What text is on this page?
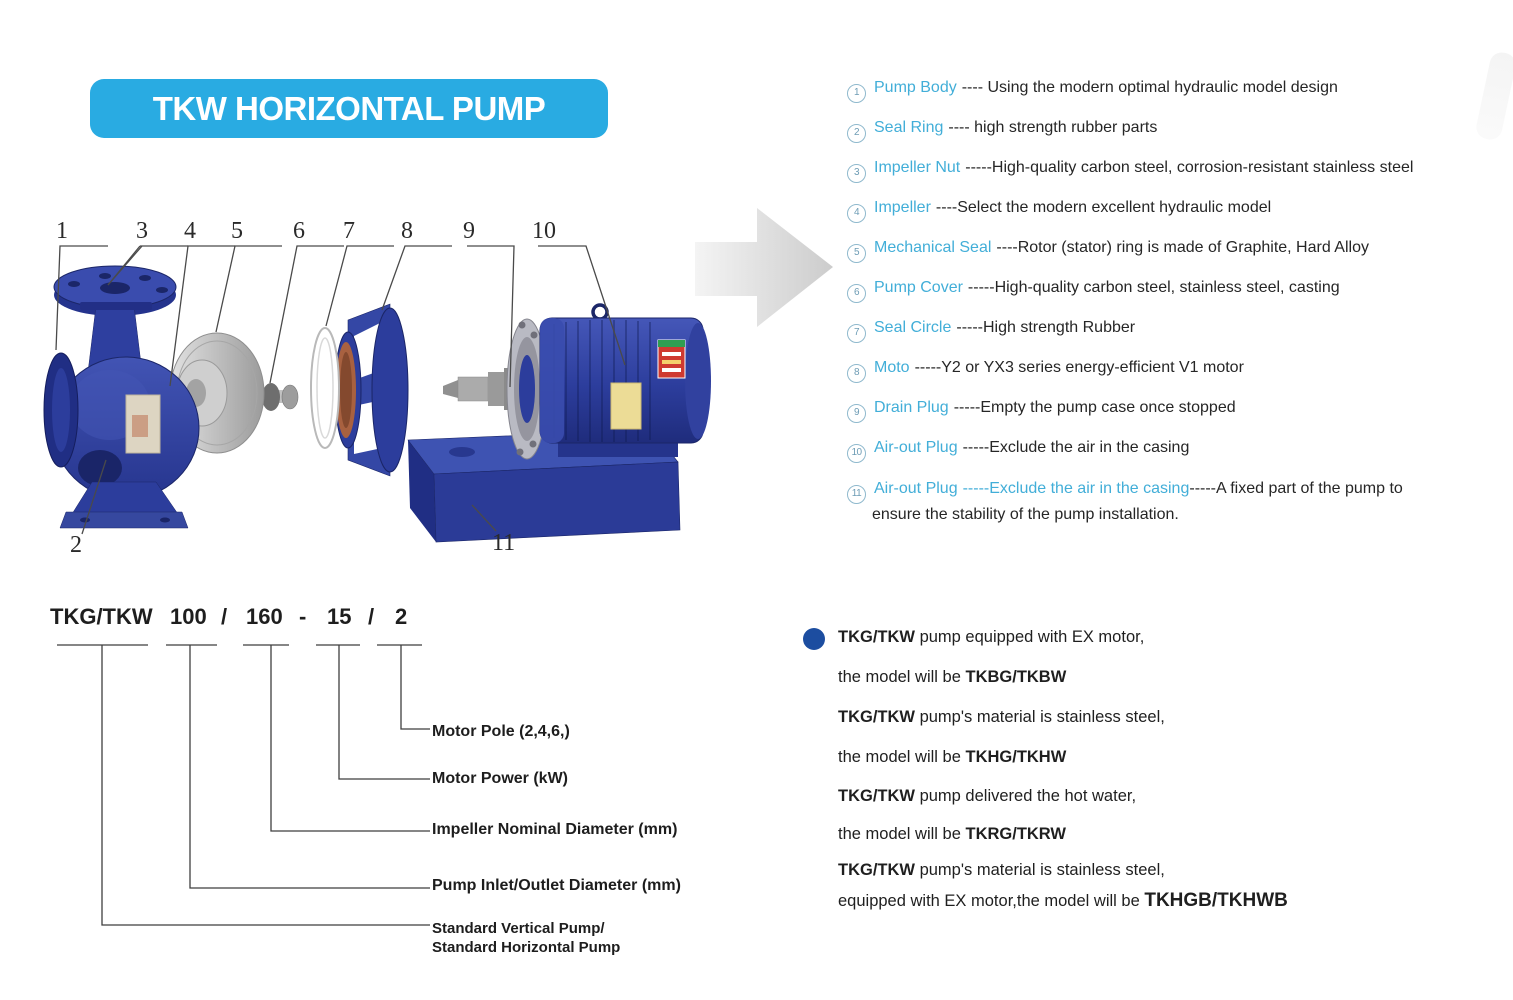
TKW HORIZONTAL PUMP
1	3 4 5 6 7 8 9 10
2	11
1 Pump Body ---- Using the modern optimal hydraulic model design
2 Seal Ring ---- high strength rubber parts
3 Impeller Nut -----High-quality carbon steel, corrosion-resistant stainless steel
4 Impeller ----Select the modern excellent hydraulic model
5 Mechanical Seal ----Rotor (stator) ring is made of Graphite, Hard Alloy
6 Pump Cover -----High-quality carbon steel, stainless steel, casting
7 Seal Circle -----High strength Rubber
8 Moto -----Y2 or YX3 series energy-efficient V1 motor
9 Drain Plug -----Empty the pump case once stopped
10 Air-out Plug -----Exclude the air in the casing
11 Air-out Plug -----Exclude the air in the casing-----A fixed part of the pump to
ensure the stability of the pump installation.
TKG/TKW 100 / 160 - 15 / 2
Motor Pole (2,4,6,)
Motor Power (kW)
Impeller Nominal Diameter (mm)
Pump Inlet/Outlet Diameter (mm)
Standard Vertical Pump/
Standard Horizontal Pump
TKG/TKW pump equipped with EX motor,
the model will be TKBG/TKBW
TKG/TKW pump's material is stainless steel,
the model will be TKHG/TKHW
TKG/TKW pump delivered the hot water,
the model will be TKRG/TKRW
TKG/TKW pump's material is stainless steel,
equipped with EX motor,the model will be TKHGB/TKHWB
